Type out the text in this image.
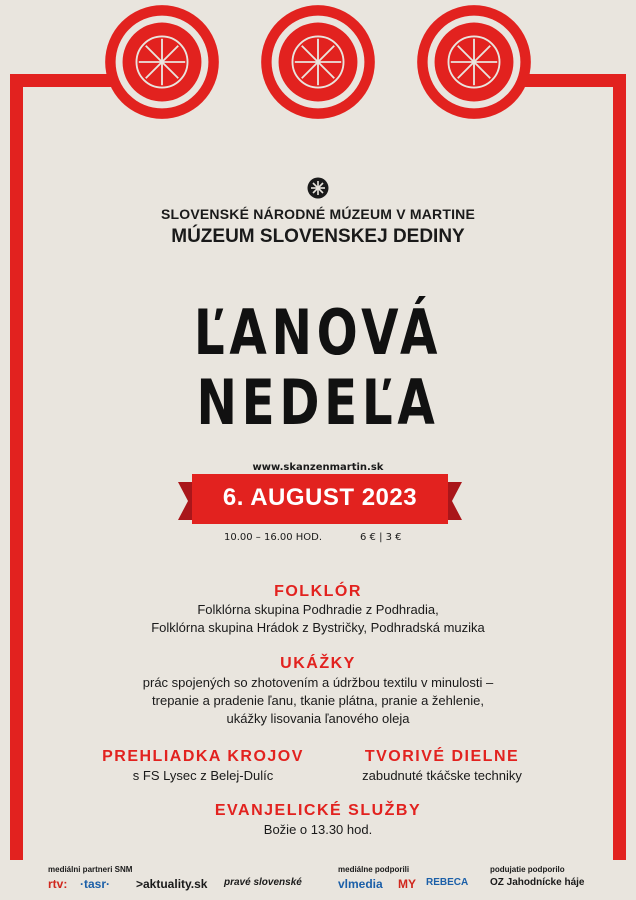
SLOVENSKÉ NÁRODNÉ MÚZEUM V MARTINE
MÚZEUM SLOVENSKEJ DEDINY
ĽANOVÁ
NEDEĽA
www.skanzenmartin.sk
6. AUGUST 2023
10.00 – 16.00 HOD.	6 € | 3 €
FOLKLÓR
Folklórna skupina Podhradie z Podhradia,
Folklórna skupina Hrádok z Bystričky, Podhradská muzika
UKÁŽKY
prác spojených so zhotovením a údržbou textilu v minulosti –
trepanie a pradenie ľanu, tkanie plátna, pranie a žehlenie,
ukážky lisovania ľanového oleja
PREHLIADKA KROJOV
s FS Lysec z Belej-Dulíc
TVORIVÉ DIELNE
zabudnuté tkáčske techniky
EVANJELICKÉ SLUŽBY
Božie o 13.30 hod.
mediálni partneri SNM
rtv: ·tasr· >aktuality.sk pravé slovenské
mediálne podporili
vlmedia MY REBECA
podujatie podporilo
OZ Jahodnícke háje
